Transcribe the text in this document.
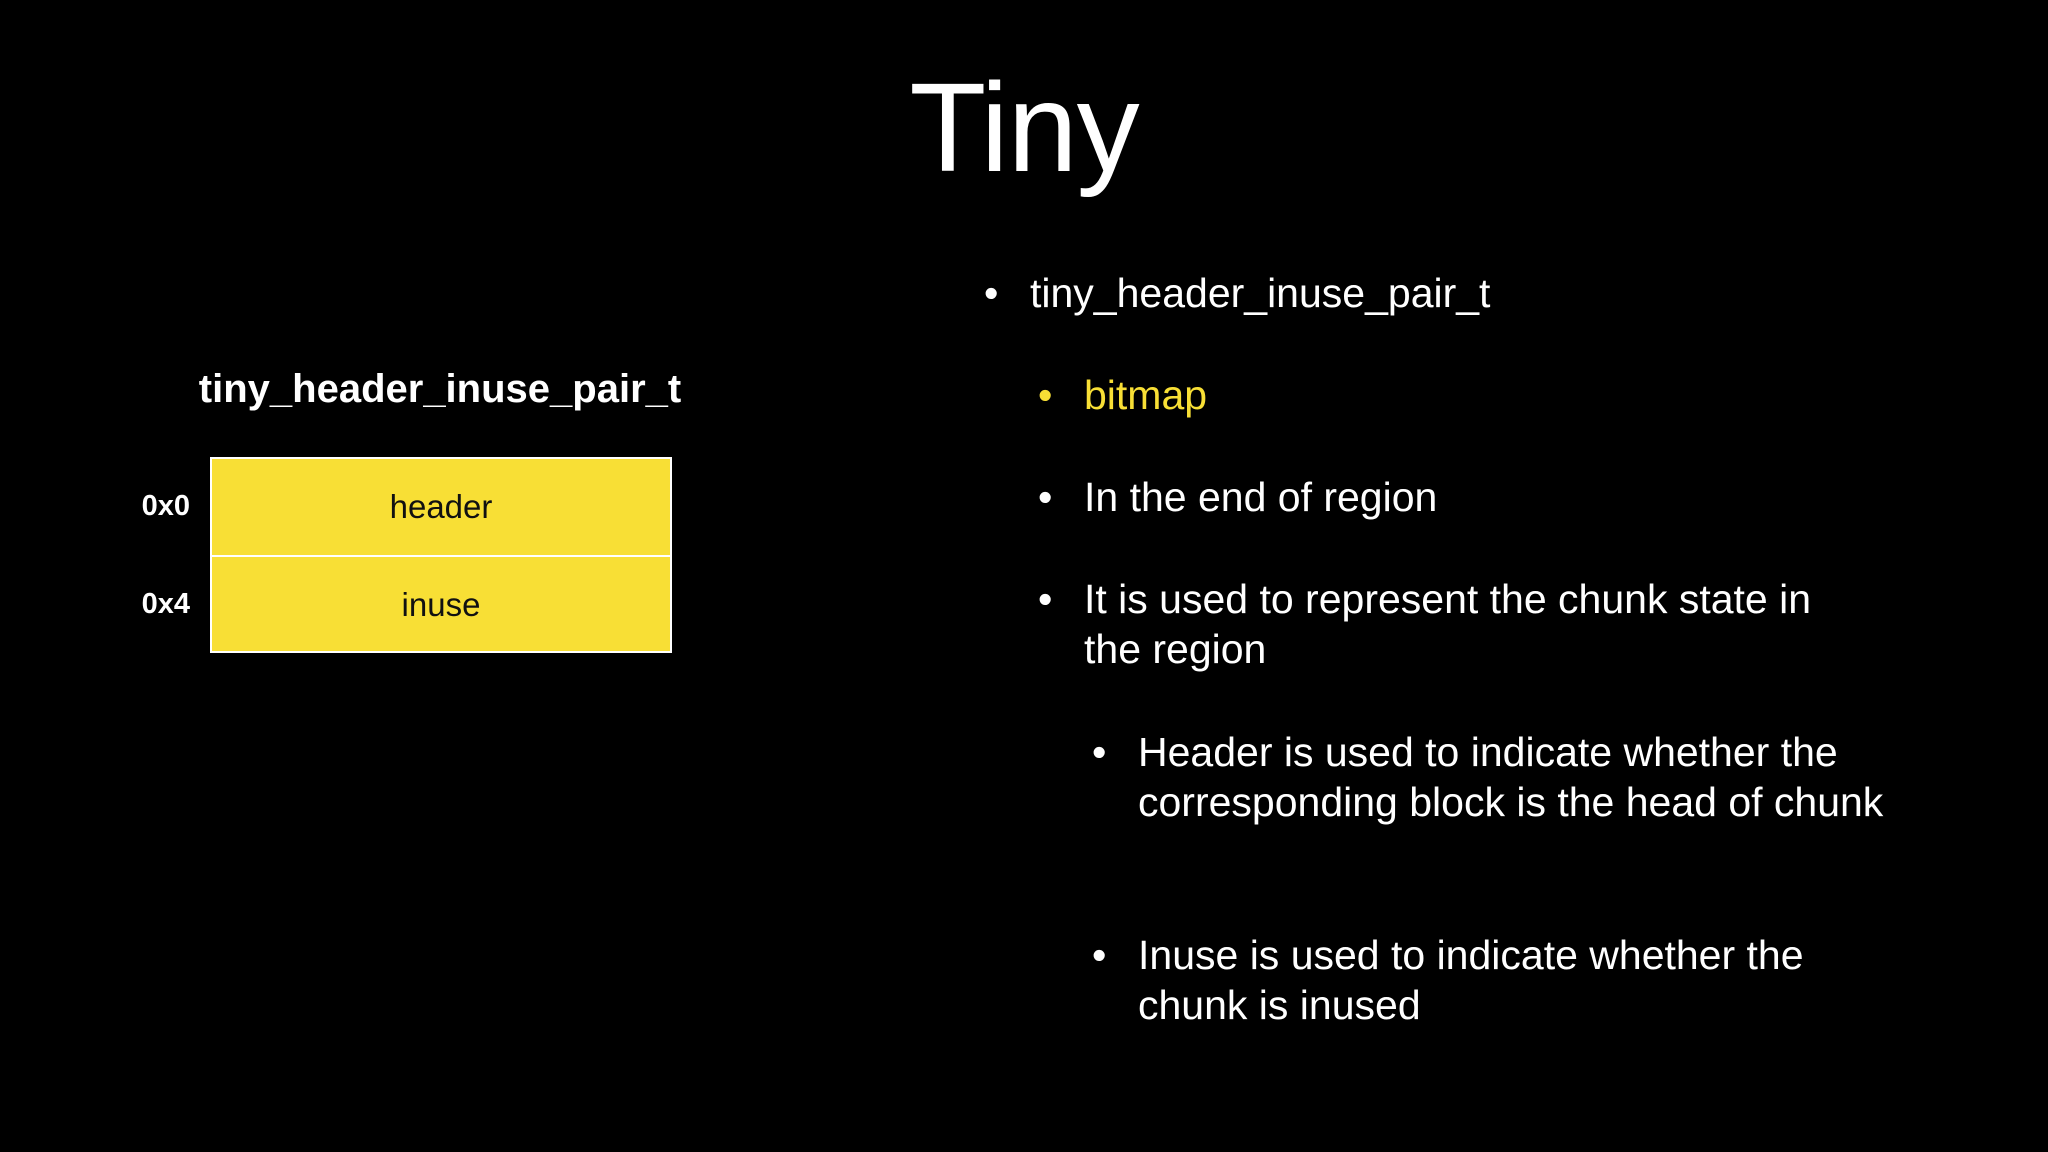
Tiny
tiny_header_inuse_pair_t
0x0
0x4
header
inuse
• tiny_header_inuse_pair_t
• bitmap
• In the end of region
• It is used to represent the chunk state in the region
• Header is used to indicate whether the corresponding block is the head of chunk
• Inuse is used to indicate whether the chunk is inused
